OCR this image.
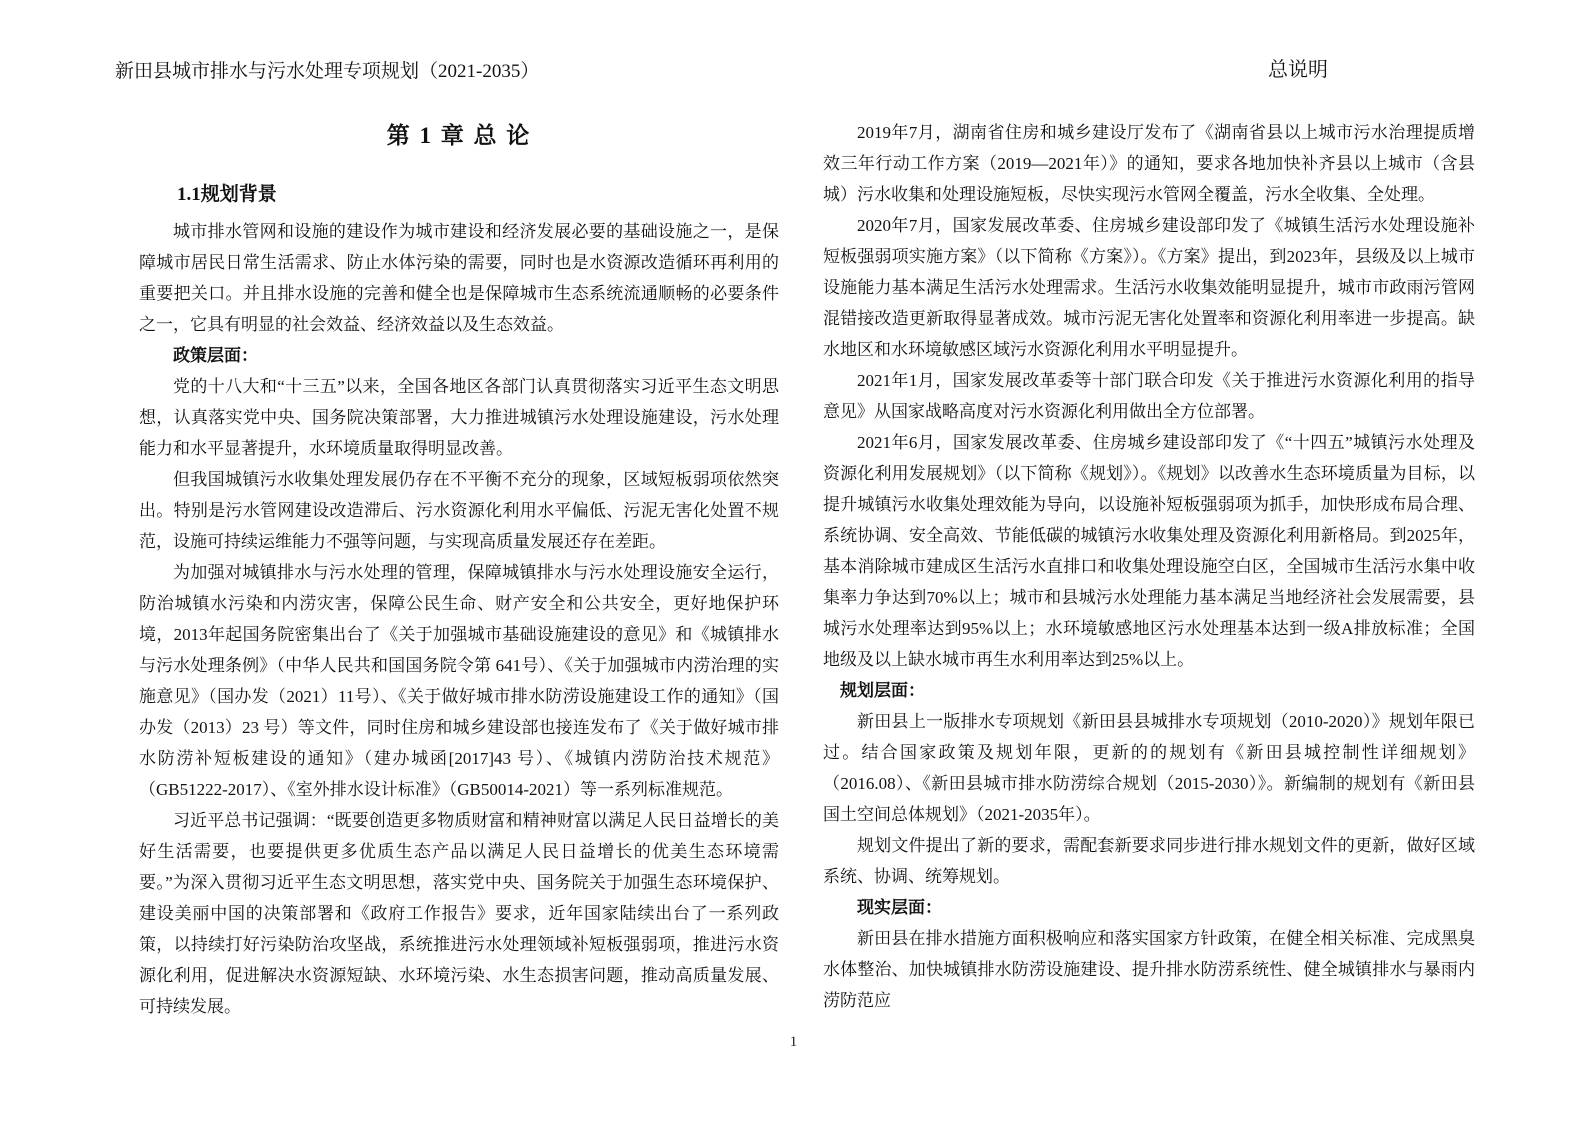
新田县城市排水与污水处理专项规划（2021-2035）	总说明
第 1 章 总 论
1.1规划背景

城市排水管网和设施的建设作为城市建设和经济发展必要的基础设施之一，是保障城市居民日常生活需求、防止水体污染的需要，同时也是水资源改造循环再利用的重要把关口。并且排水设施的完善和健全也是保障城市生态系统流通顺畅的必要条件之一，它具有明显的社会效益、经济效益以及生态效益。

政策层面：

党的十八大和“十三五”以来，全国各地区各部门认真贯彻落实习近平生态文明思想，认真落实党中央、国务院决策部署，大力推进城镇污水处理设施建设，污水处理能力和水平显著提升，水环境质量取得明显改善。

但我国城镇污水收集处理发展仍存在不平衡不充分的现象，区域短板弱项依然突出。特别是污水管网建设改造滞后、污水资源化利用水平偏低、污泥无害化处置不规范，设施可持续运维能力不强等问题，与实现高质量发展还存在差距。

为加强对城镇排水与污水处理的管理，保障城镇排水与污水处理设施安全运行，防治城镇水污染和内涝灾害，保障公民生命、财产安全和公共安全，更好地保护环境，2013年起国务院密集出台了《关于加强城市基础设施建设的意见》和《城镇排水与污水处理条例》（中华人民共和国国务院令第 641号）、《关于加强城市内涝治理的实施意见》（国办发（2021）11号）、《关于做好城市排水防涝设施建设工作的通知》（国办发（2013）23 号）等文件，同时住房和城乡建设部也接连发布了《关于做好城市排水防涝补短板建设的通知》（建办城函[2017]43 号）、《城镇内涝防治技术规范》 （GB51222-2017）、《室外排水设计标准》（GB50014-2021）等一系列标准规范。

习近平总书记强调：“既要创造更多物质财富和精神财富以满足人民日益增长的美好生活需要，也要提供更多优质生态产品以满足人民日益增长的优美生态环境需要。”为深入贯彻习近平生态文明思想，落实党中央、国务院关于加强生态环境保护、建设美丽中国的决策部署和《政府工作报告》要求，近年国家陆续出台了一系列政策，以持续打好污染防治攻坚战，系统推进污水处理领域补短板强弱项，推进污水资源化利用，促进解决水资源短缺、水环境污染、水生态损害问题，推动高质量发展、可持续发展。

2019年7月，湖南省住房和城乡建设厅发布了《湖南省县以上城市污水治理提质增效三年行动工作方案（2019—2021年）》的通知，要求各地加快补齐县以上城市（含县城）污水收集和处理设施短板，尽快实现污水管网全覆盖，污水全收集、全处理。

2020年7月，国家发展改革委、住房城乡建设部印发了《城镇生活污水处理设施补短板强弱项实施方案》（以下简称《方案》）。《方案》提出，到2023年，县级及以上城市设施能力基本满足生活污水处理需求。生活污水收集效能明显提升，城市市政雨污管网混错接改造更新取得显著成效。城市污泥无害化处置率和资源化利用率进一步提高。缺水地区和水环境敏感区域污水资源化利用水平明显提升。

2021年1月，国家发展改革委等十部门联合印发《关于推进污水资源化利用的指导意见》从国家战略高度对污水资源化利用做出全方位部署。

2021年6月，国家发展改革委、住房城乡建设部印发了《“十四五”城镇污水处理及资源化利用发展规划》（以下简称《规划》）。《规划》以改善水生态环境质量为目标，以提升城镇污水收集处理效能为导向，以设施补短板强弱项为抓手，加快形成布局合理、系统协调、安全高效、节能低碳的城镇污水收集处理及资源化利用新格局。到2025年，基本消除城市建成区生活污水直排口和收集处理设施空白区，全国城市生活污水集中收集率力争达到70%以上；城市和县城污水处理能力基本满足当地经济社会发展需要，县城污水处理率达到95%以上；水环境敏感地区污水处理基本达到一级A排放标准；全国地级及以上缺水城市再生水利用率达到25%以上。

规划层面：

新田县上一版排水专项规划《新田县县城排水专项规划（2010-2020）》规划年限已过。结合国家政策及规划年限，更新的的规划有《新田县城控制性详细规划》（2016.08）、《新田县城市排水防涝综合规划（2015-2030）》。新编制的规划有《新田县国土空间总体规划》（2021-2035年）。

规划文件提出了新的要求，需配套新要求同步进行排水规划文件的更新，做好区域系统、协调、统筹规划。

现实层面：

新田县在排水措施方面积极响应和落实国家方针政策，在健全相关标准、完成黑臭水体整治、加快城镇排水防涝设施建设、提升排水防涝系统性、健全城镇排水与暴雨内涝防范应

1
